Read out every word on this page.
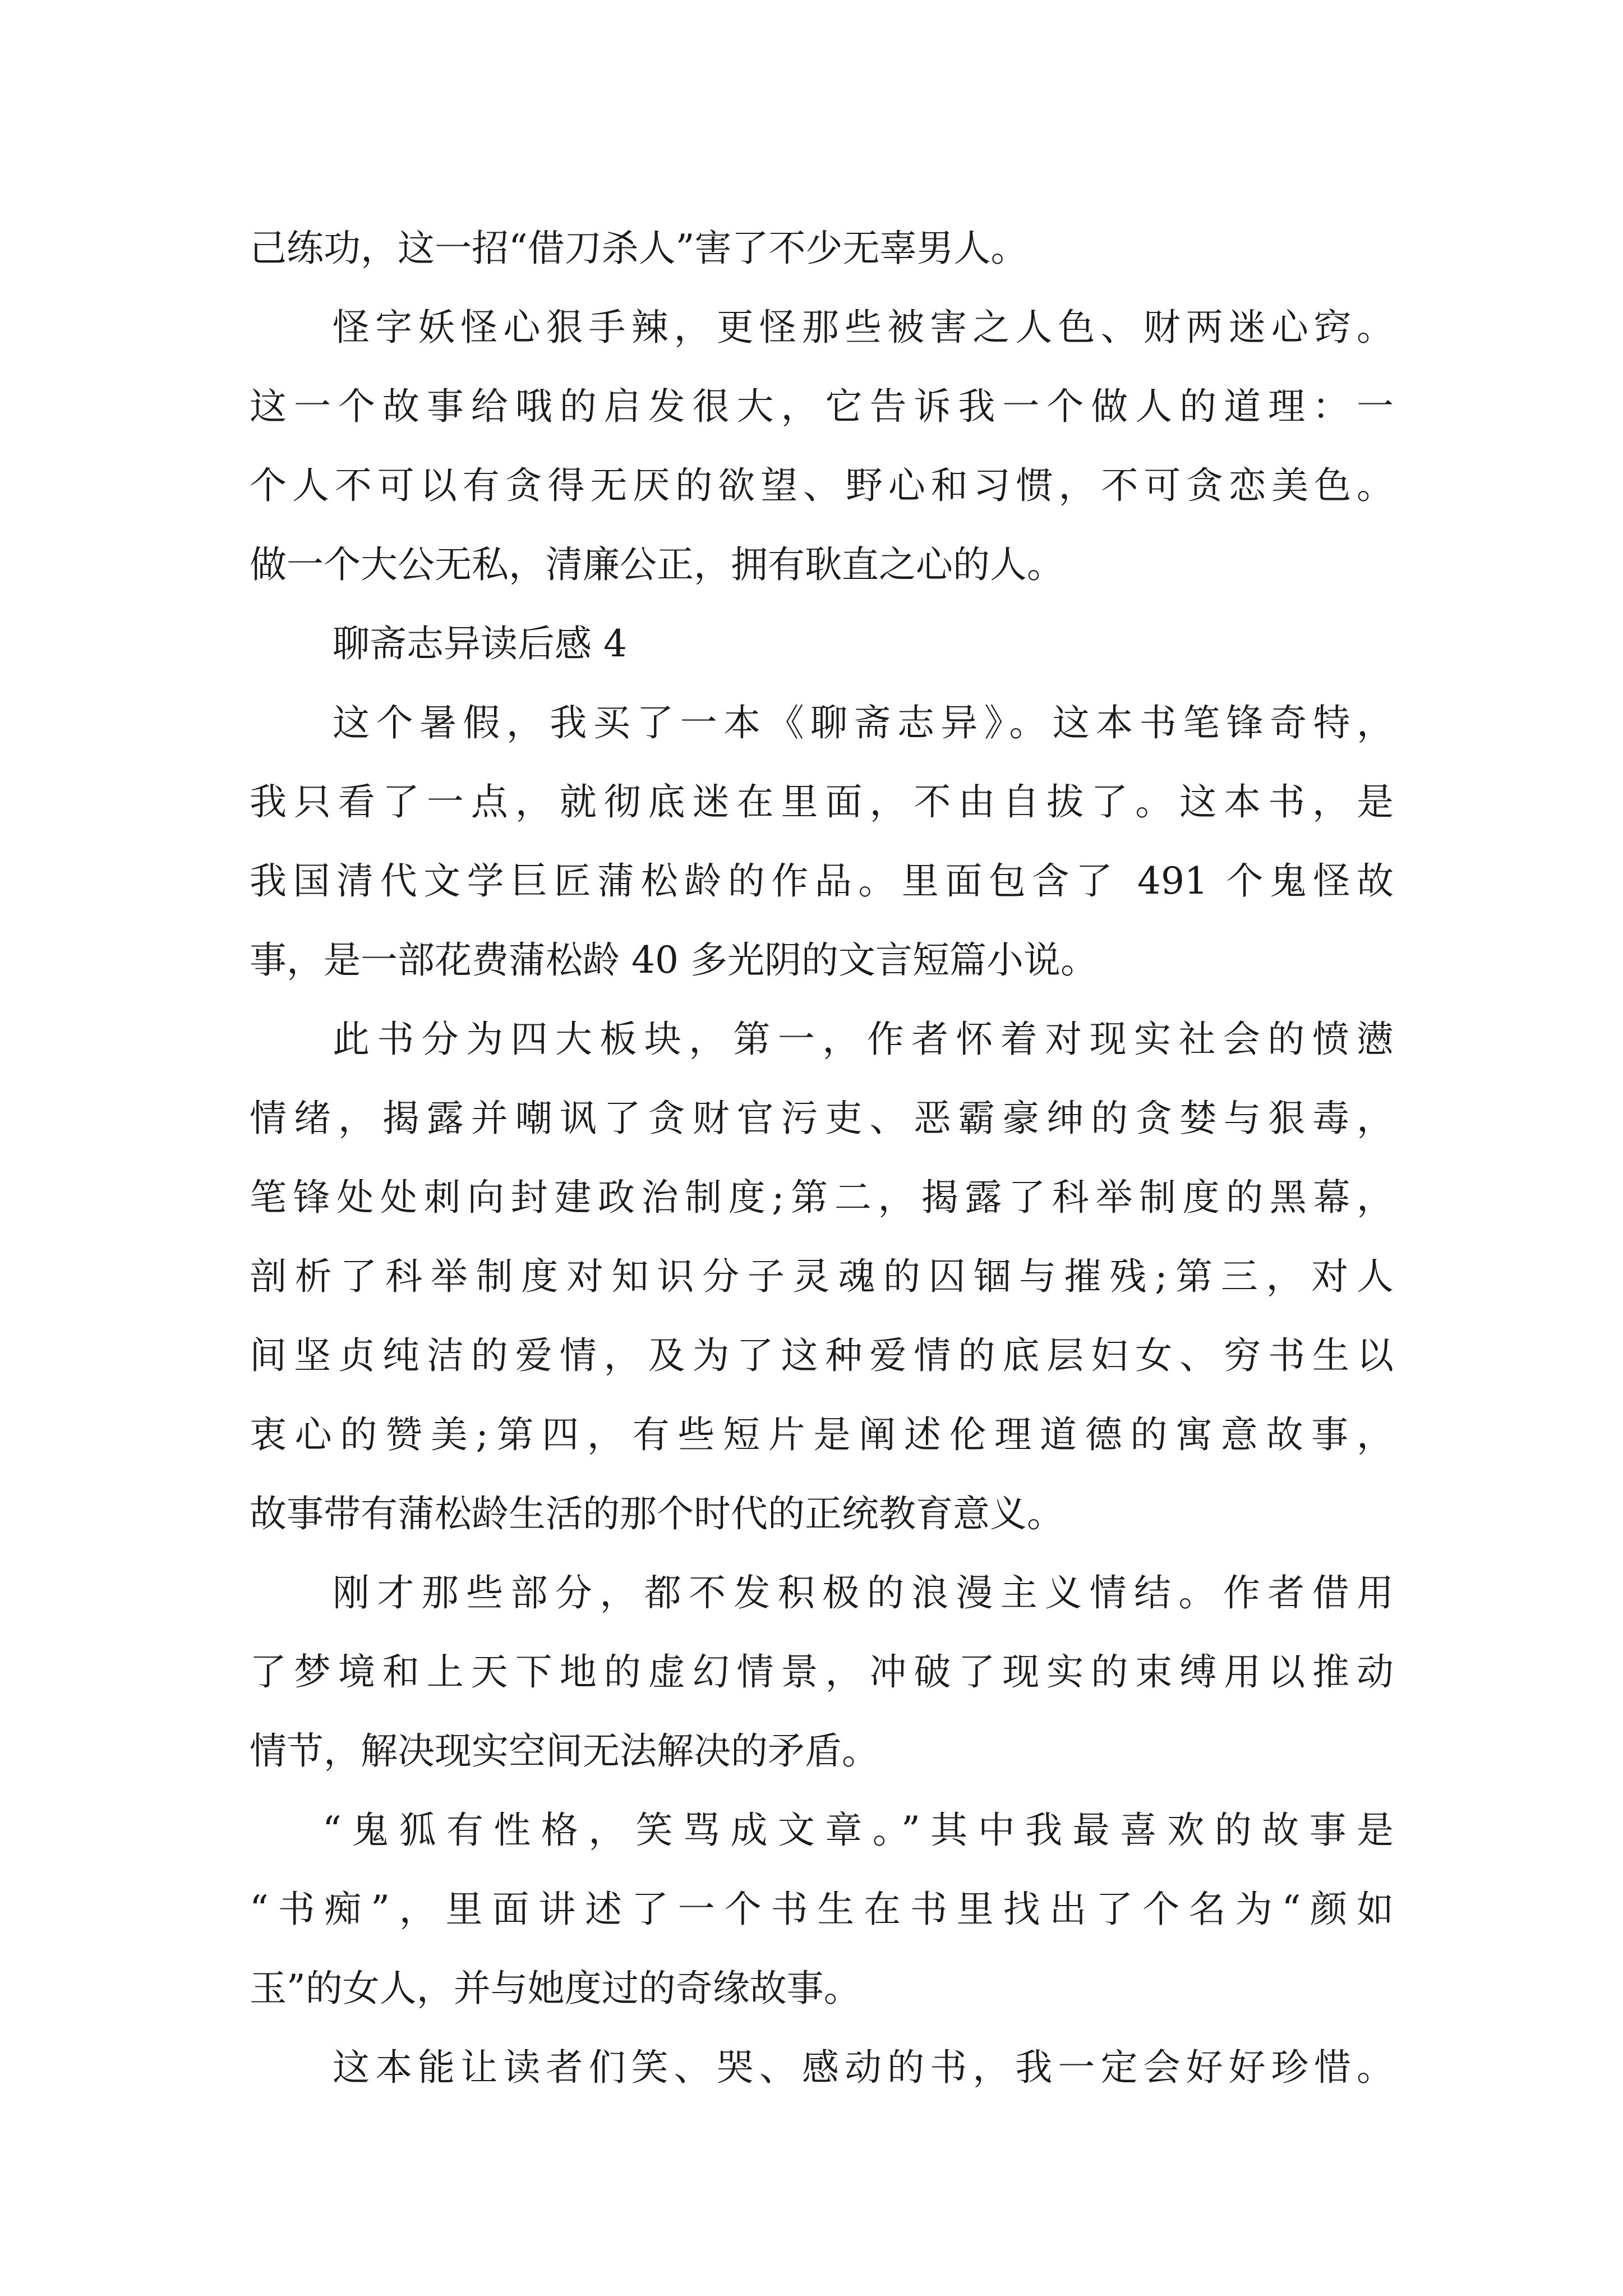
己练功，这一招“借刀杀人”害了不少无辜男人。
怪字妖怪心狠手辣，更怪那些被害之人色、财两迷心窍。
这一个故事给哦的启发很大，它告诉我一个做人的道理：一
个人不可以有贪得无厌的欲望、野心和习惯，不可贪恋美色。
做一个大公无私，清廉公正，拥有耿直之心的人。
聊斋志异读后感 4
这个暑假，我买了一本《聊斋志异》。这本书笔锋奇特，
我只看了一点，就彻底迷在里面，不由自拔了。这本书，是
我国清代文学巨匠蒲松龄的作品。里面包含了 491 个鬼怪故
事，是一部花费蒲松龄 40 多光阴的文言短篇小说。
此书分为四大板块，第一，作者怀着对现实社会的愤懑
情绪，揭露并嘲讽了贪财官污吏、恶霸豪绅的贪婪与狠毒，
笔锋处处刺向封建政治制度;第二，揭露了科举制度的黑幕，
剖析了科举制度对知识分子灵魂的囚锢与摧残;第三，对人
间坚贞纯洁的爱情，及为了这种爱情的底层妇女、穷书生以
衷心的赞美;第四，有些短片是阐述伦理道德的寓意故事，
故事带有蒲松龄生活的那个时代的正统教育意义。
刚才那些部分，都不发积极的浪漫主义情结。作者借用
了梦境和上天下地的虚幻情景，冲破了现实的束缚用以推动
情节，解决现实空间无法解决的矛盾。
“鬼狐有性格，笑骂成文章。”其中我最喜欢的故事是
“书痴”，里面讲述了一个书生在书里找出了个名为“颜如
玉”的女人，并与她度过的奇缘故事。
这本能让读者们笑、哭、感动的书，我一定会好好珍惜。
